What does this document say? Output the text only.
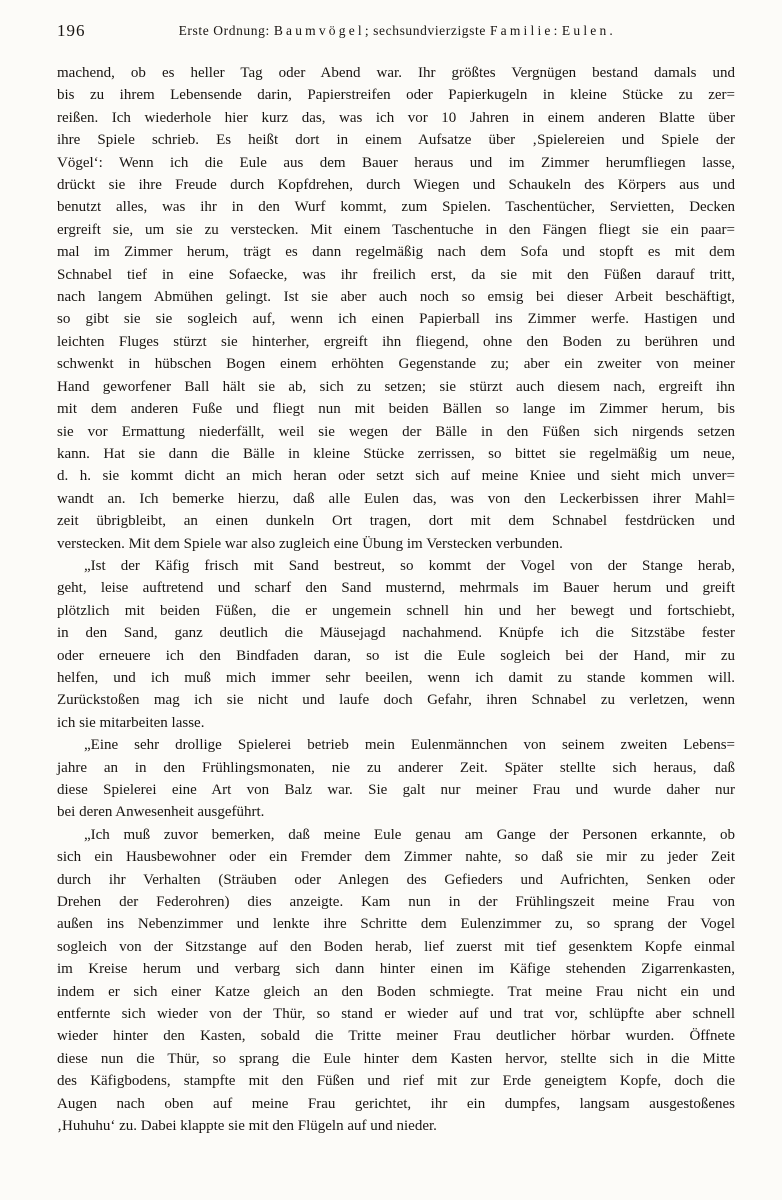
196	Erste Ordnung: Baumvögel; sechsundvierzigste Familie: Eulen.
machend, ob es heller Tag oder Abend war. Ihr größtes Vergnügen bestand damals und
bis zu ihrem Lebensende darin, Papierstreifen oder Papierkugeln in kleine Stücke zu zer=
reißen. Ich wiederhole hier kurz das, was ich vor 10 Jahren in einem anderen Blatte über
ihre Spiele schrieb. Es heißt dort in einem Aufsatze über ‚Spielereien und Spiele der
Vögel‘: Wenn ich die Eule aus dem Bauer heraus und im Zimmer herumfliegen lasse,
drückt sie ihre Freude durch Kopfdrehen, durch Wiegen und Schaukeln des Körpers aus und
benutzt alles, was ihr in den Wurf kommt, zum Spielen. Taschentücher, Servietten, Decken
ergreift sie, um sie zu verstecken. Mit einem Taschentuche in den Fängen fliegt sie ein paar=
mal im Zimmer herum, trägt es dann regelmäßig nach dem Sofa und stopft es mit dem
Schnabel tief in eine Sofaecke, was ihr freilich erst, da sie mit den Füßen darauf tritt,
nach langem Abmühen gelingt. Ist sie aber auch noch so emsig bei dieser Arbeit beschäftigt,
so gibt sie sie sogleich auf, wenn ich einen Papierball ins Zimmer werfe. Hastigen und
leichten Fluges stürzt sie hinterher, ergreift ihn fliegend, ohne den Boden zu berühren und
schwenkt in hübschen Bogen einem erhöhten Gegenstande zu; aber ein zweiter von meiner
Hand geworfener Ball hält sie ab, sich zu setzen; sie stürzt auch diesem nach, ergreift ihn
mit dem anderen Fuße und fliegt nun mit beiden Bällen so lange im Zimmer herum, bis
sie vor Ermattung niederfällt, weil sie wegen der Bälle in den Füßen sich nirgends setzen
kann. Hat sie dann die Bälle in kleine Stücke zerrissen, so bittet sie regelmäßig um neue,
d. h. sie kommt dicht an mich heran oder setzt sich auf meine Kniee und sieht mich unver=
wandt an. Ich bemerke hierzu, daß alle Eulen das, was von den Leckerbissen ihrer Mahl=
zeit übrigbleibt, an einen dunkeln Ort tragen, dort mit dem Schnabel festdrücken und
verstecken. Mit dem Spiele war also zugleich eine Übung im Verstecken verbunden.
„Ist der Käfig frisch mit Sand bestreut, so kommt der Vogel von der Stange herab,
geht, leise auftretend und scharf den Sand musternd, mehrmals im Bauer herum und greift
plötzlich mit beiden Füßen, die er ungemein schnell hin und her bewegt und fortschiebt,
in den Sand, ganz deutlich die Mäusejagd nachahmend. Knüpfe ich die Sitzstäbe fester
oder erneuere ich den Bindfaden daran, so ist die Eule sogleich bei der Hand, mir zu
helfen, und ich muß mich immer sehr beeilen, wenn ich damit zu stande kommen will.
Zurückstoßen mag ich sie nicht und laufe doch Gefahr, ihren Schnabel zu verletzen, wenn
ich sie mitarbeiten lasse.
„Eine sehr drollige Spielerei betrieb mein Eulenmännchen von seinem zweiten Lebens=
jahre an in den Frühlingsmonaten, nie zu anderer Zeit. Später stellte sich heraus, daß
diese Spielerei eine Art von Balz war. Sie galt nur meiner Frau und wurde daher nur
bei deren Anwesenheit ausgeführt.
„Ich muß zuvor bemerken, daß meine Eule genau am Gange der Personen erkannte, ob
sich ein Hausbewohner oder ein Fremder dem Zimmer nahte, so daß sie mir zu jeder Zeit
durch ihr Verhalten (Sträuben oder Anlegen des Gefieders und Aufrichten, Senken oder
Drehen der Federohren) dies anzeigte. Kam nun in der Frühlingszeit meine Frau von
außen ins Nebenzimmer und lenkte ihre Schritte dem Eulenzimmer zu, so sprang der Vogel
sogleich von der Sitzstange auf den Boden herab, lief zuerst mit tief gesenktem Kopfe einmal
im Kreise herum und verbarg sich dann hinter einen im Käfige stehenden Zigarrenkasten,
indem er sich einer Katze gleich an den Boden schmiegte. Trat meine Frau nicht ein und
entfernte sich wieder von der Thür, so stand er wieder auf und trat vor, schlüpfte aber schnell
wieder hinter den Kasten, sobald die Tritte meiner Frau deutlicher hörbar wurden. Öffnete
diese nun die Thür, so sprang die Eule hinter dem Kasten hervor, stellte sich in die Mitte
des Käfigbodens, stampfte mit den Füßen und rief mit zur Erde geneigtem Kopfe, doch die
Augen nach oben auf meine Frau gerichtet, ihr ein dumpfes, langsam ausgestoßenes
‚Huhuhu‘ zu. Dabei klappte sie mit den Flügeln auf und nieder.
